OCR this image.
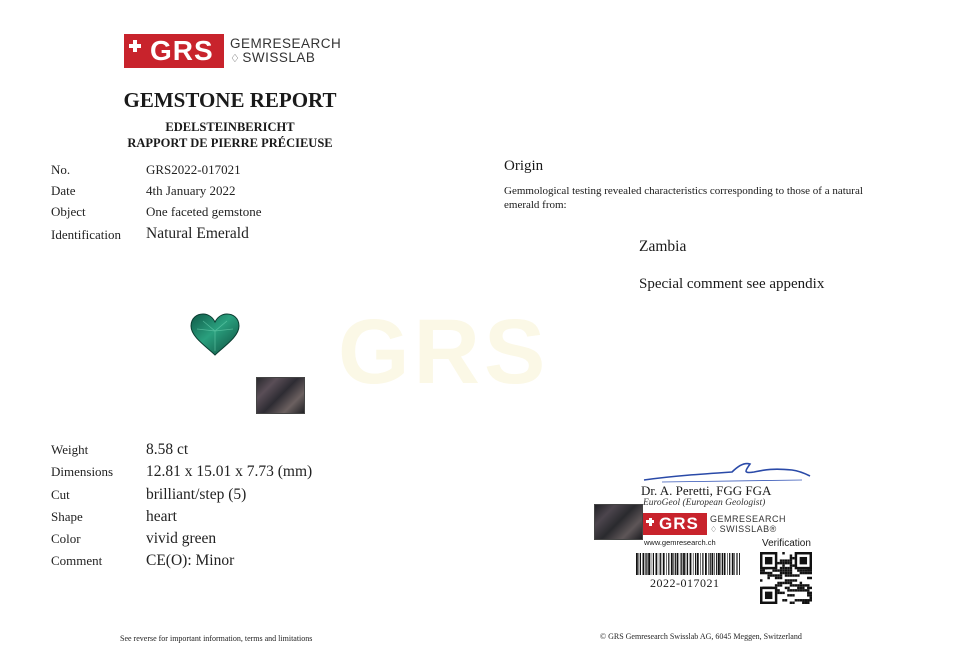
GRS GEMRESEARCH
♢ SWISSLAB
GEMSTONE REPORT
EDELSTEINBERICHT
RAPPORT DE PIERRE PRÉCIEUSE
No.	GRS2022-017021
Date	4th January 2022
Object	One faceted gemstone
Identification Natural Emerald
GRS
Weight	8.58 ct
Dimensions 12.81 x 15.01 x 7.73 (mm)
Cut	brilliant/step (5)
Shape	heart
Color	vivid green
Comment	CE(O): Minor
Origin
Gemmological testing revealed characteristics corresponding to those of a natural emerald from:
Zambia
Special comment see appendix
Dr. A. Peretti, FGG FGA
EuroGeol (European Geologist)
GRS GEMRESEARCH
♢ SWISSLAB®
www.gemresearch.ch	Verification
2022-017021
See reverse for important information, terms and limitations	© GRS Gemresearch Swisslab AG, 6045 Meggen, Switzerland
